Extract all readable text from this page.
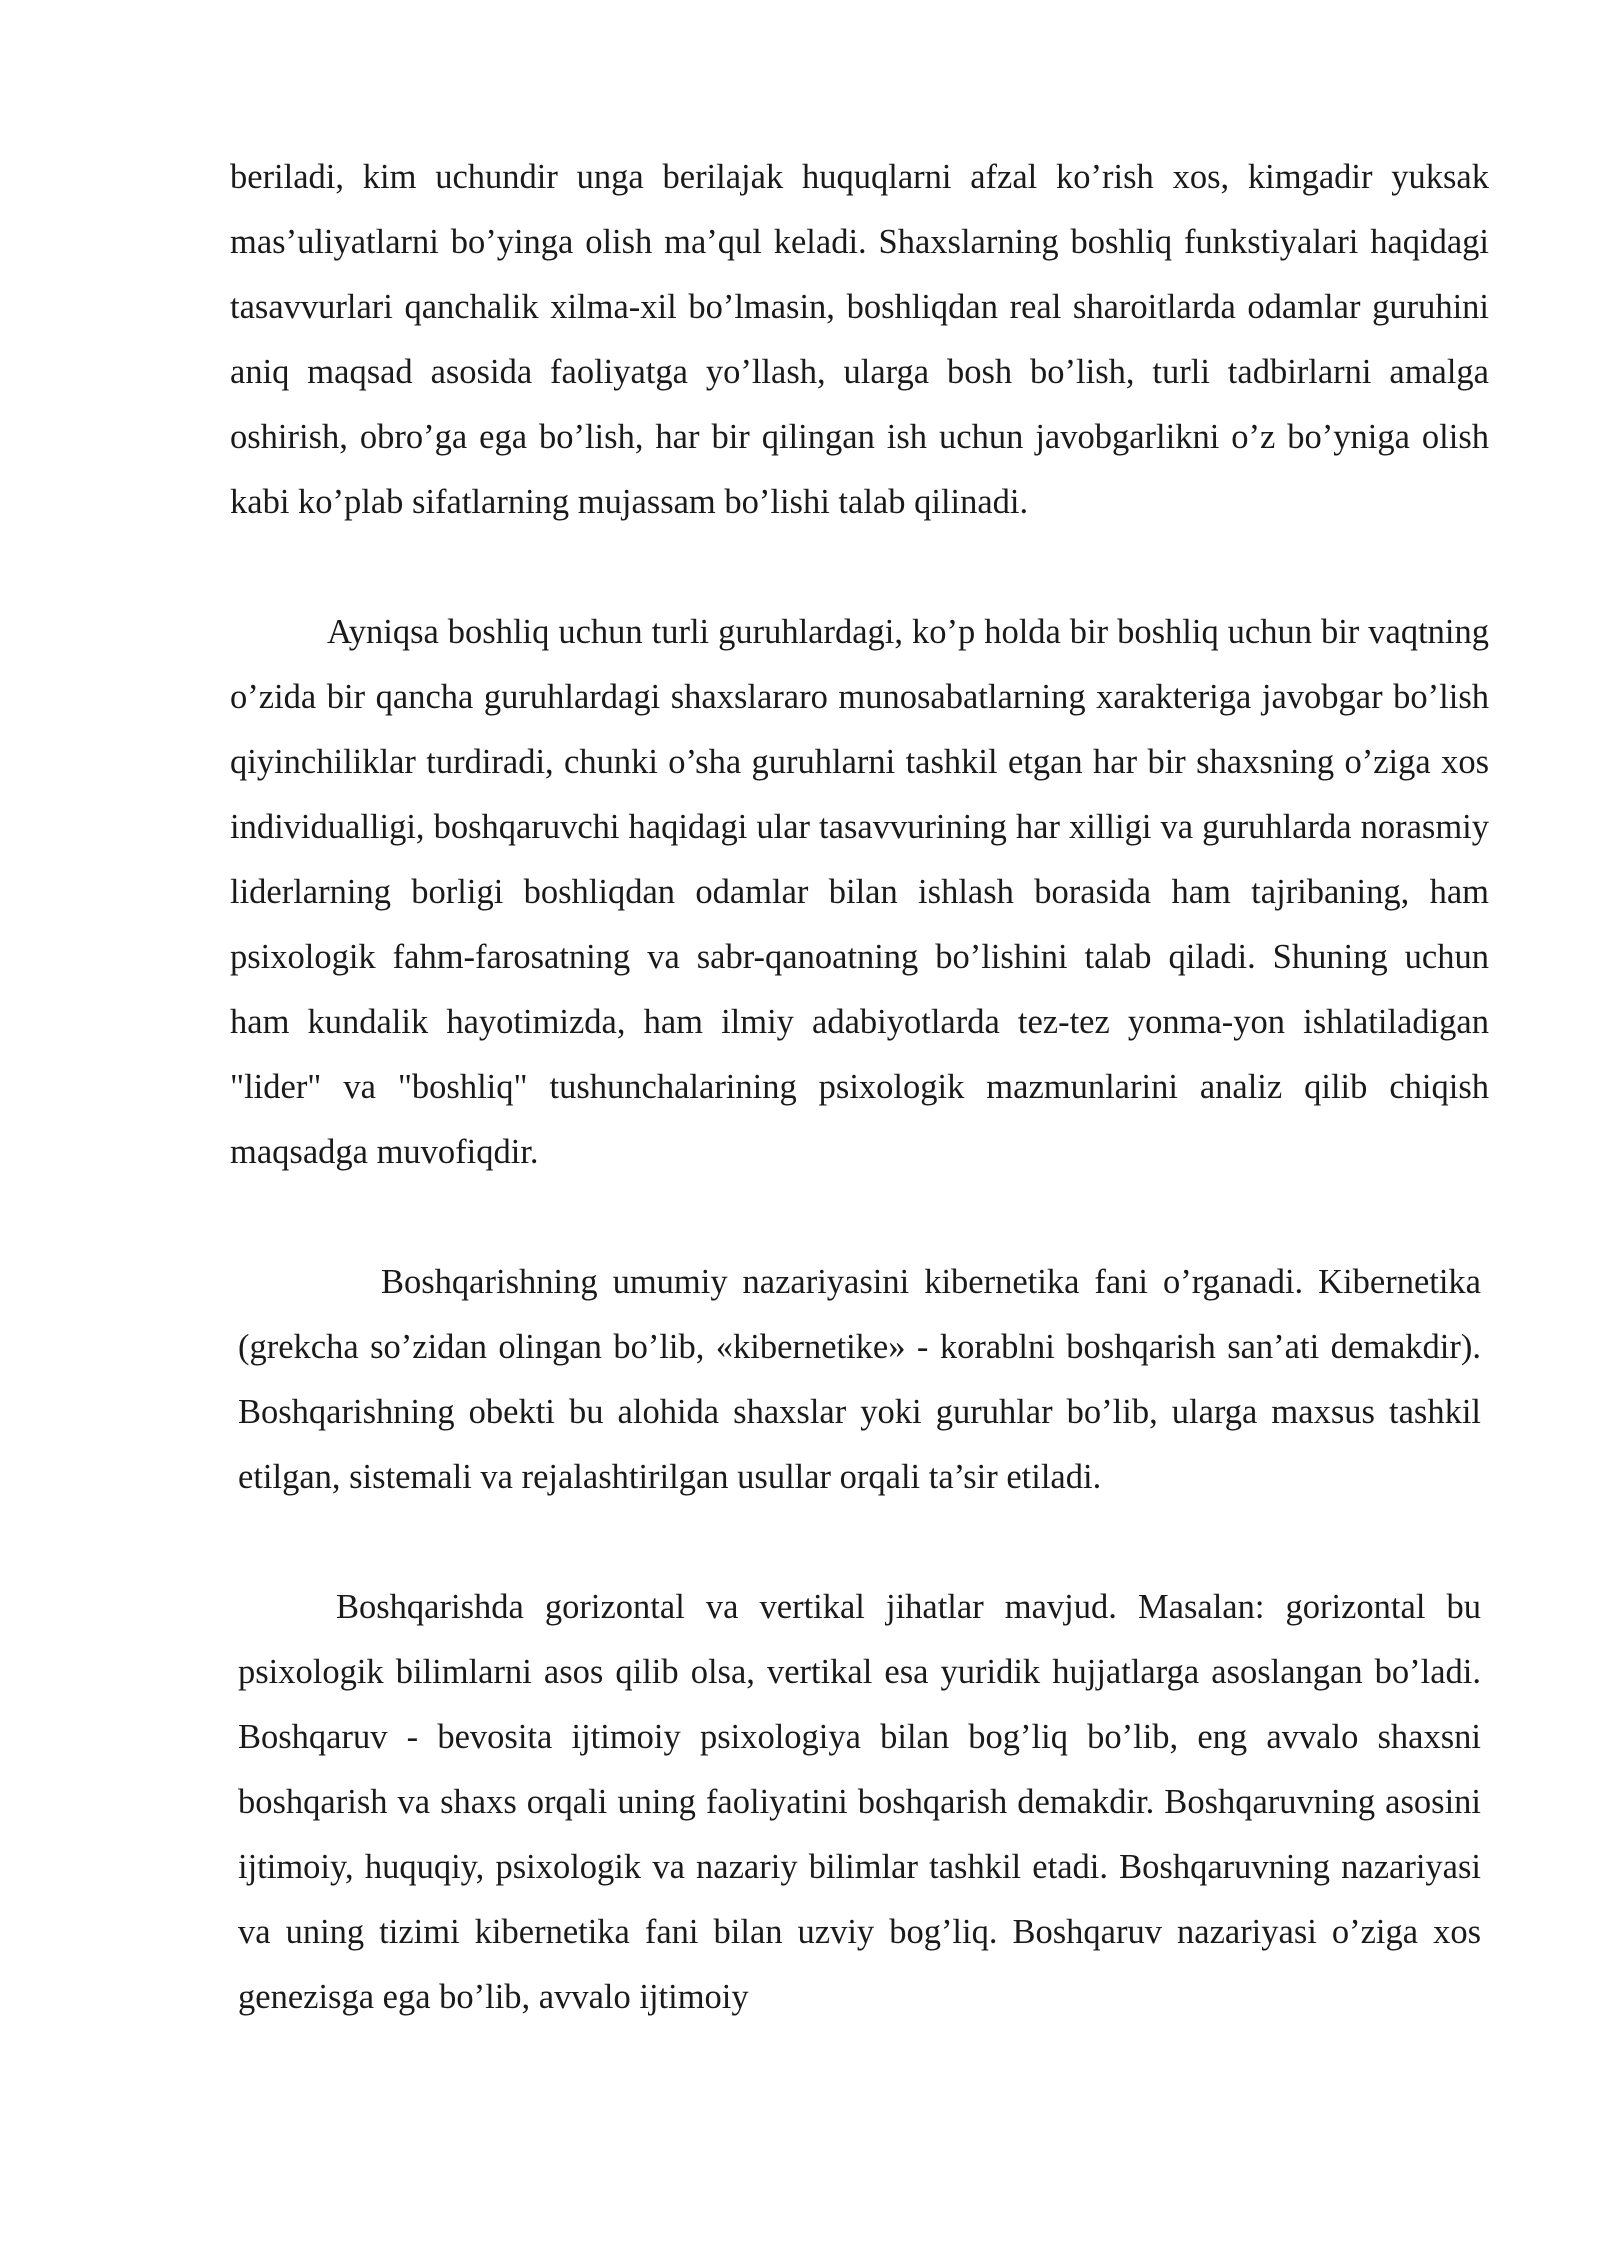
beriladi, kim uchundir unga berilajak huquqlarni afzal ko’rish xos, kimgadir yuksak mas’uliyatlarni bo’yinga olish ma’qul keladi. Shaxslarning boshliq funkstiyalari haqidagi tasavvurlari qanchalik xilma-xil bo’lmasin, boshliqdan real sharoitlarda odamlar guruhini aniq maqsad asosida faoliyatga yo’llash, ularga bosh bo’lish, turli tadbirlarni amalga oshirish, obro’ga ega bo’lish, har bir qilingan ish uchun javobgarlikni o’z bo’yniga olish kabi ko’plab sifatlarning mujassam bo’lishi talab qilinadi.

Ayniqsa boshliq uchun turli guruhlardagi, ko’p holda bir boshliq uchun bir vaqtning o’zida bir qancha guruhlardagi shaxslararo munosabatlarning xarakteriga javobgar bo’lish qiyinchiliklar turdiradi, chunki o’sha guruhlarni tashkil etgan har bir shaxsning o’ziga xos individualligi, boshqaruvchi haqidagi ular tasavvurining har xilligi va guruhlarda norasmiy liderlarning borligi boshliqdan odamlar bilan ishlash borasida ham tajribaning, ham psixologik fahm-farosatning va sabr-qanoatning bo’lishini talab qiladi. Shuning uchun ham kundalik hayotimizda, ham ilmiy adabiyotlarda tez-tez yonma-yon ishlatiladigan "lider" va "boshliq" tushunchalarining psixologik mazmunlarini analiz qilib chiqish maqsadga muvofiqdir.

Boshqarishning umumiy nazariyasini kibernetika fani o’rganadi. Kibernetika (grekcha so’zidan olingan bo’lib, «kibernetike» - korablni boshqarish san’ati demakdir). Boshqarishning obekti bu alohida shaxslar yoki guruhlar bo’lib, ularga maxsus tashkil etilgan, sistemali va rejalashtirilgan usullar orqali ta’sir etiladi.

Boshqarishda gorizontal va vertikal jihatlar mavjud. Masalan: gorizontal bu psixologik bilimlarni asos qilib olsa, vertikal esa yuridik hujjatlarga asoslangan bo’ladi. Boshqaruv - bevosita ijtimoiy psixologiya bilan bog’liq bo’lib, eng avvalo shaxsni boshqarish va shaxs orqali uning faoliyatini boshqarish demakdir. Boshqaruvning asosini ijtimoiy, huquqiy, psixologik va nazariy bilimlar tashkil etadi. Boshqaruvning nazariyasi va uning tizimi kibernetika fani bilan uzviy bog’liq. Boshqaruv nazariyasi o’ziga xos genezisga ega bo’lib, avvalo ijtimoiy
